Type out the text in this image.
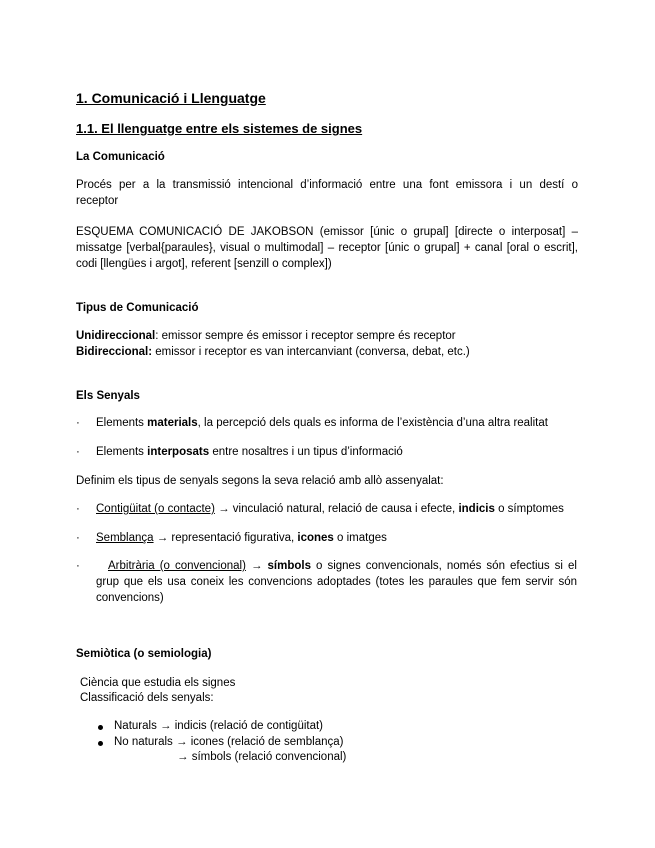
1. Comunicació i Llenguatge
1.1. El llenguatge entre els sistemes de signes
La Comunicació
Procés per a la transmissió intencional d’informació entre una font emissora i un destí o
receptor
ESQUEMA COMUNICACIÓ DE JAKOBSON (emissor [únic o grupal] [directe o interposat] –
missatge [verbal{paraules}, visual o multimodal] – receptor [únic o grupal] + canal [oral o escrit],
codi [llengües i argot], referent [senzill o complex])
Tipus de Comunicació
Unidireccional: emissor sempre és emissor i receptor sempre és receptor
Bidireccional: emissor i receptor es van intercanviant (conversa, debat, etc.)
Els Senyals
· Elements materials, la percepció dels quals es informa de l’existència d’una altra realitat
· Elements interposats entre nosaltres i un tipus d’informació
Definim els tipus de senyals segons la seva relació amb allò assenyalat:
· Contigüitat (o contacte) → vinculació natural, relació de causa i efecte, indicis o símptomes
· Semblança → representació figurativa, icones o imatges
·	Arbitrària (o convencional) → símbols o signes convencionals, només són efectius si el
grup que els usa coneix les convencions adoptades (totes les paraules que fem servir són
convencions)
Semiòtica (o semiologia)
Ciència que estudia els signes
Classificació dels senyals:
Naturals → indicis (relació de contigüitat)
No naturals → icones (relació de semblança)
→ símbols (relació convencional)
